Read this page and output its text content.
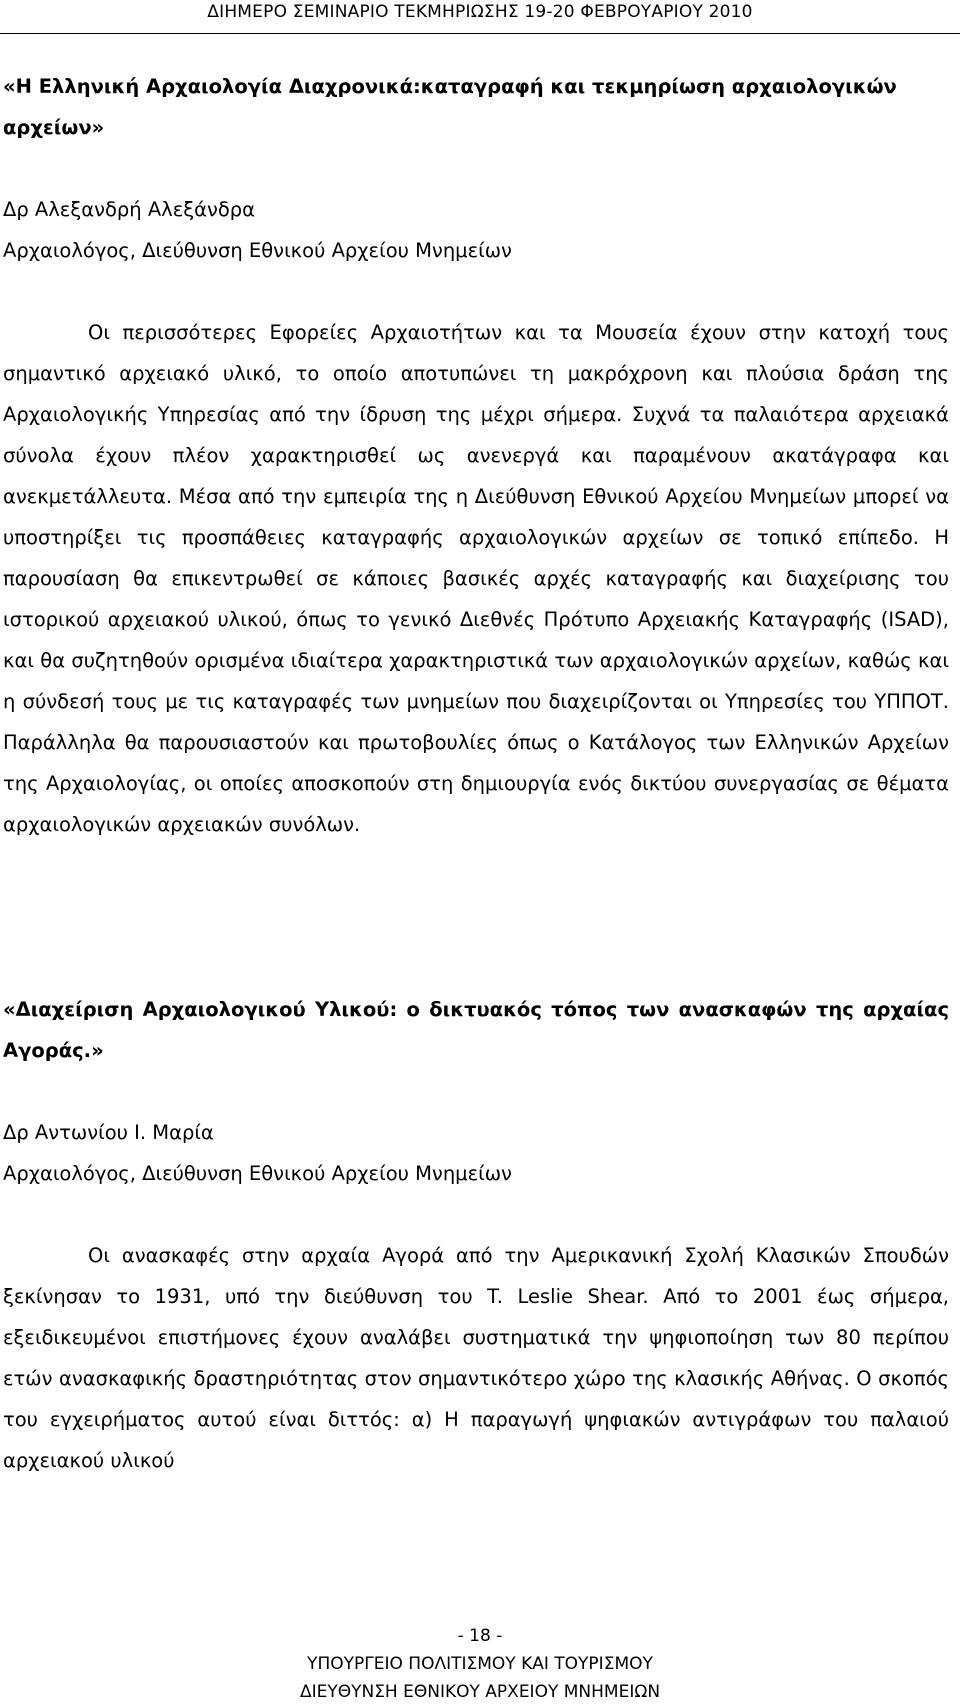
ΔΙΗΜΕΡΟ ΣΕΜΙΝΑΡΙΟ ΤΕΚΜΗΡΙΩΣΗΣ 19-20 ΦΕΒΡΟΥΑΡΙΟΥ 2010

«Η Ελληνική Αρχαιολογία Διαχρονικά:καταγραφή και τεκμηρίωση αρχαιολογικών αρχείων»

Δρ Αλεξανδρή Αλεξάνδρα

Αρχαιολόγος, Διεύθυνση Εθνικού Αρχείου Μνημείων

Οι περισσότερες Εφορείες Αρχαιοτήτων και τα Μουσεία έχουν στην κατοχή τους σημαντικό αρχειακό υλικό, το οποίο αποτυπώνει τη μακρόχρονη και πλούσια δράση της Αρχαιολογικής Υπηρεσίας από την ίδρυση της μέχρι σήμερα. Συχνά τα παλαιότερα αρχειακά σύνολα έχουν πλέον χαρακτηρισθεί ως ανενεργά και παραμένουν ακατάγραφα και ανεκμετάλλευτα. Μέσα από την εμπειρία της η Διεύθυνση Εθνικού Αρχείου Μνημείων μπορεί να υποστηρίξει τις προσπάθειες καταγραφής αρχαιολογικών αρχείων σε τοπικό επίπεδο. Η παρουσίαση θα επικεντρωθεί σε κάποιες βασικές αρχές καταγραφής και διαχείρισης του ιστορικού αρχειακού υλικού, όπως το γενικό Διεθνές Πρότυπο Αρχειακής Καταγραφής (ISAD), και θα συζητηθούν ορισμένα ιδιαίτερα χαρακτηριστικά των αρχαιολογικών αρχείων, καθώς και η σύνδεσή τους με τις καταγραφές των μνημείων που διαχειρίζονται οι Υπηρεσίες του ΥΠΠΟΤ. Παράλληλα θα παρουσιαστούν και πρωτοβουλίες όπως ο Κατάλογος των Ελληνικών Αρχείων της Αρχαιολογίας, οι οποίες αποσκοπούν στη δημιουργία ενός δικτύου συνεργασίας σε θέματα αρχαιολογικών αρχειακών συνόλων.

«Διαχείριση Αρχαιολογικού Υλικού: ο δικτυακός τόπος των ανασκαφών της αρχαίας Αγοράς.»

Δρ Αντωνίου Ι. Μαρία

Αρχαιολόγος, Διεύθυνση Εθνικού Αρχείου Μνημείων

Οι ανασκαφές στην αρχαία Αγορά από την Αμερικανική Σχολή Κλασικών Σπουδών ξεκίνησαν το 1931, υπό την διεύθυνση του T. Leslie Shear. Από το 2001 έως σήμερα, εξειδικευμένοι επιστήμονες έχουν αναλάβει συστηματικά την ψηφιοποίηση των 80 περίπου ετών ανασκαφικής δραστηριότητας στον σημαντικότερο χώρο της κλασικής Αθήνας. Ο σκοπός του εγχειρήματος αυτού είναι διττός: α) Η παραγωγή ψηφιακών αντιγράφων του παλαιού αρχειακού υλικού

- 18 -
ΥΠΟΥΡΓΕΙΟ ΠΟΛΙΤΙΣΜΟΥ ΚΑΙ ΤΟΥΡΙΣΜΟΥ
ΔΙΕΥΘΥΝΣΗ ΕΘΝΙΚΟΥ ΑΡΧΕΙΟΥ ΜΝΗΜΕΙΩΝ
